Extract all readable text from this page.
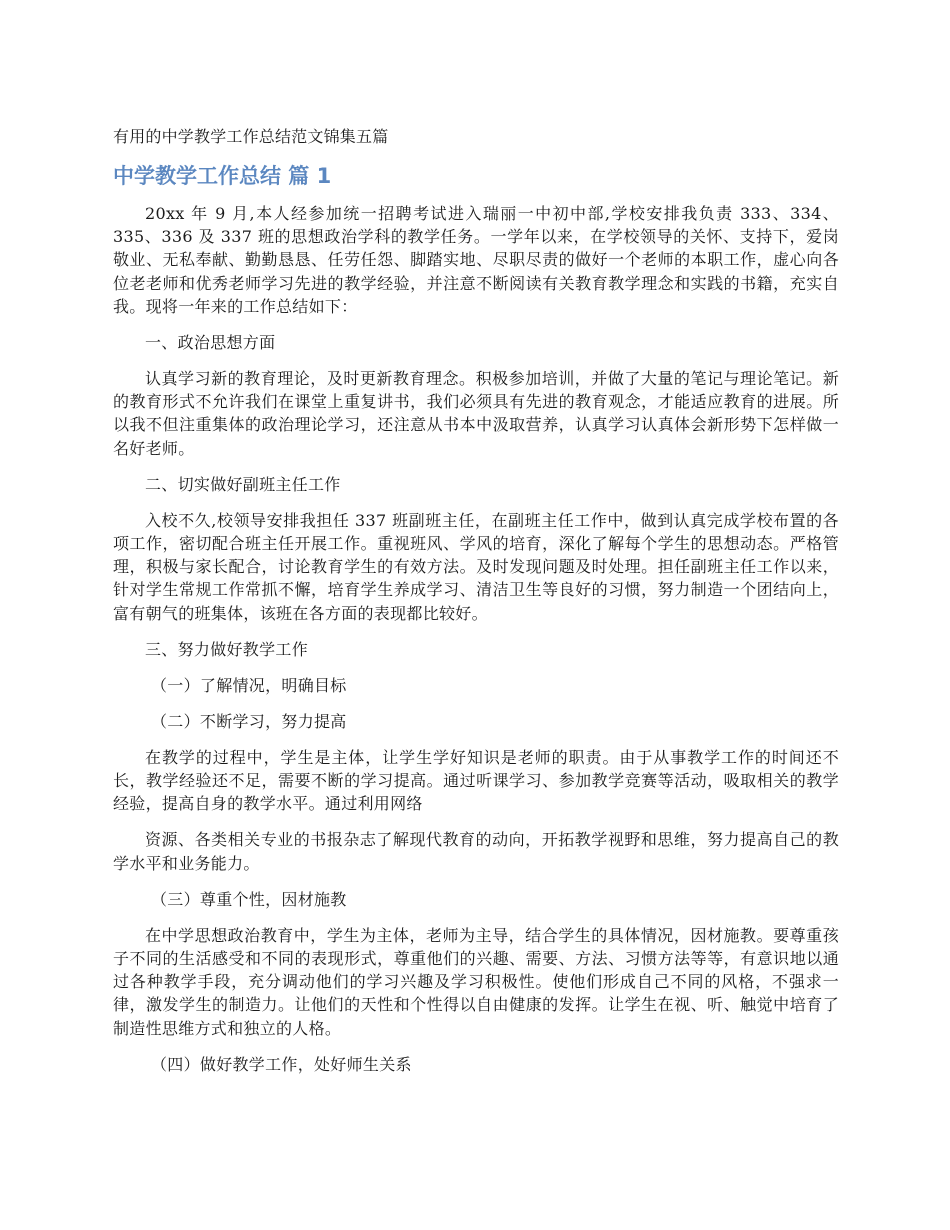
有用的中学教学工作总结范文锦集五篇
中学教学工作总结 篇 1

20xx 年 9 月,本人经参加统一招聘考试进入瑞丽一中初中部,学校安排我负责 333、334、335、336 及 337 班的思想政治学科的教学任务。一学年以来，在学校领导的关怀、支持下，爱岗敬业、无私奉献、勤勤恳恳、任劳任怨、脚踏实地、尽职尽责的做好一个老师的本职工作，虚心向各位老老师和优秀老师学习先进的教学经验，并注意不断阅读有关教育教学理念和实践的书籍，充实自我。现将一年来的工作总结如下：

一、政治思想方面

认真学习新的教育理论，及时更新教育理念。积极参加培训，并做了大量的笔记与理论笔记。新的教育形式不允许我们在课堂上重复讲书，我们必须具有先进的教育观念，才能适应教育的进展。所以我不但注重集体的政治理论学习，还注意从书本中汲取营养，认真学习认真体会新形势下怎样做一名好老师。

二、切实做好副班主任工作

入校不久,校领导安排我担任 337 班副班主任，在副班主任工作中，做到认真完成学校布置的各项工作，密切配合班主任开展工作。重视班风、学风的培育，深化了解每个学生的思想动态。严格管理，积极与家长配合，讨论教育学生的有效方法。及时发现问题及时处理。担任副班主任工作以来，针对学生常规工作常抓不懈，培育学生养成学习、清洁卫生等良好的习惯，努力制造一个团结向上，富有朝气的班集体，该班在各方面的表现都比较好。

三、努力做好教学工作

（一）了解情况，明确目标

（二）不断学习，努力提高

在教学的过程中，学生是主体，让学生学好知识是老师的职责。由于从事教学工作的时间还不长，教学经验还不足，需要不断的学习提高。通过听课学习、参加教学竞赛等活动，吸取相关的教学经验，提高自身的教学水平。通过利用网络

资源、各类相关专业的书报杂志了解现代教育的动向，开拓教学视野和思维，努力提高自己的教学水平和业务能力。

（三）尊重个性，因材施教

在中学思想政治教育中，学生为主体，老师为主导，结合学生的具体情况，因材施教。要尊重孩子不同的生活感受和不同的表现形式，尊重他们的兴趣、需要、方法、习惯方法等等，有意识地以通过各种教学手段，充分调动他们的学习兴趣及学习积极性。使他们形成自己不同的风格，不强求一律，激发学生的制造力。让他们的天性和个性得以自由健康的发挥。让学生在视、听、触觉中培育了制造性思维方式和独立的人格。

（四）做好教学工作，处好师生关系
